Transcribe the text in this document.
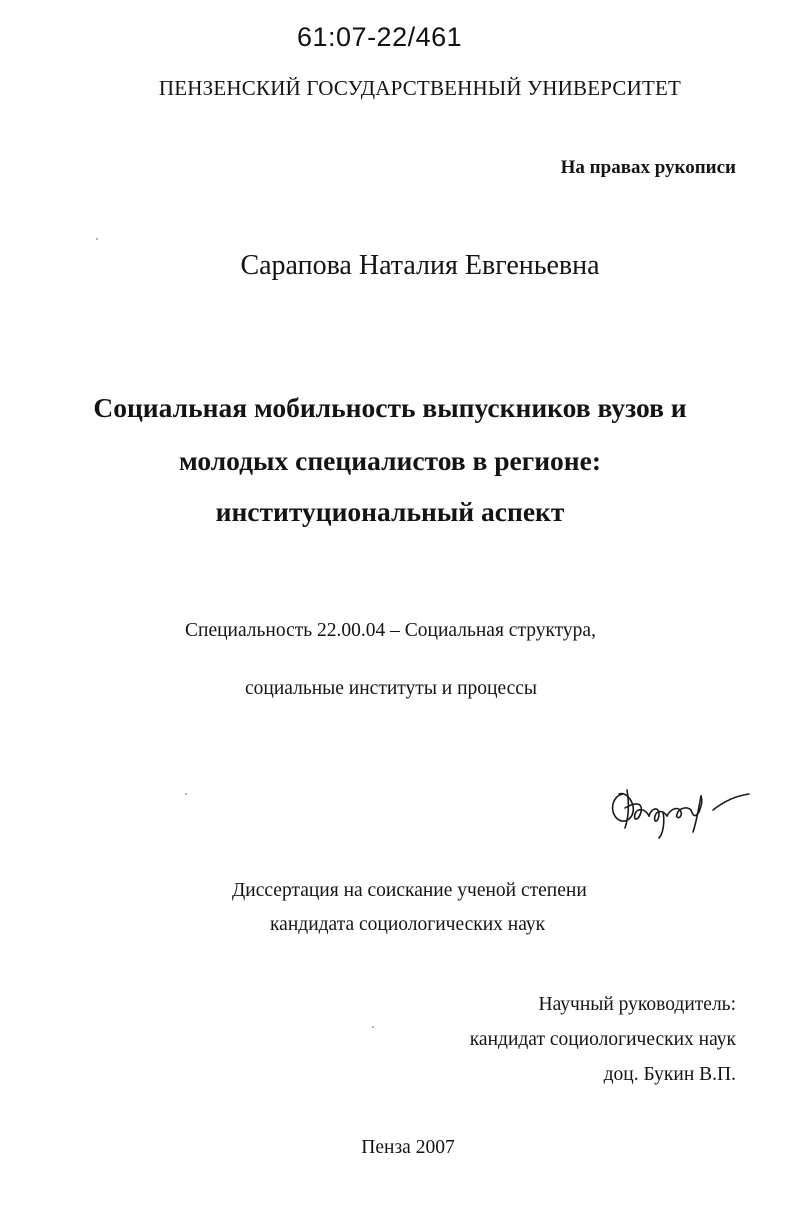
61:07-22/461
ПЕНЗЕНСКИЙ ГОСУДАРСТВЕННЫЙ УНИВЕРСИТЕТ
На правах рукописи
Сарапова Наталия Евгеньевна
Социальная мобильность выпускников вузов и
молодых специалистов в регионе:
институциональный аспект
Специальность 22.00.04 – Социальная структура,
социальные институты и процессы
Диссертация на соискание ученой степени
кандидата социологических наук
Научный руководитель:
кандидат социологических наук
доц. Букин В.П.
Пенза 2007
